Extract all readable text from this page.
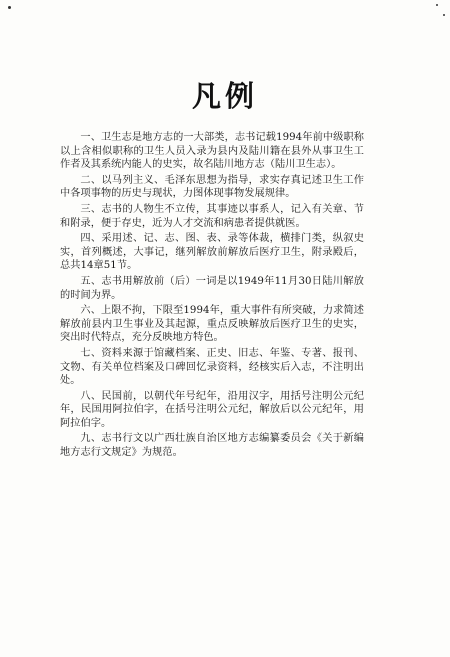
凡例

一、卫生志是地方志的一大部类，志书记载1994年前中级职称以上含相似职称的卫生人员入录为县内及陆川籍在县外从事卫生工作者及其系统内能人的史实，故名陆川地方志（陆川卫生志）。

二、以马列主义、毛泽东思想为指导，求实存真记述卫生工作中各项事物的历史与现状，力图体现事物发展规律。

三、志书的人物生不立传，其事迹以事系人，记入有关章、节和附录，便于存史，近为人才交流和病患者提供就医。

四、采用述、记、志、图、表、录等体裁，横排门类，纵叙史实，首列概述，大事记，继列解放前解放后医疗卫生，附录殿后，总共14章51节。

五、志书用解放前（后）一词是以1949年11月30日陆川解放的时间为界。

六、上限不拘，下限至1994年，重大事件有所突破，力求简述解放前县内卫生事业及其起源，重点反映解放后医疗卫生的史实，突出时代特点，充分反映地方特色。

七、资料来源于馆藏档案、正史、旧志、年鉴、专著、报刊、文物、有关单位档案及口碑回忆录资料，经核实后入志，不注明出处。

八、民国前，以朝代年号纪年，沿用汉字，用括号注明公元纪年，民国用阿拉伯字，在括号注明公元纪，解放后以公元纪年，用阿拉伯字。

九、志书行文以广西壮族自治区地方志编纂委员会《关于新编地方志行文规定》为规范。
